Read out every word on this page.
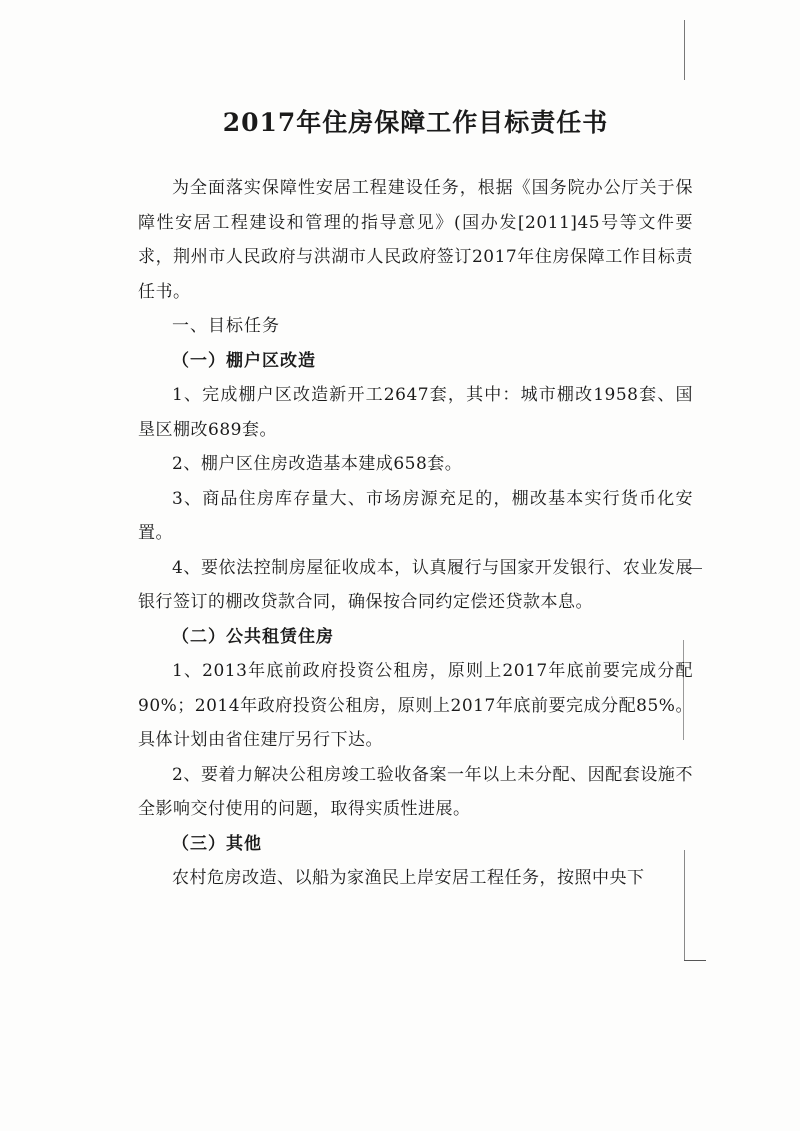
2017年住房保障工作目标责任书

为全面落实保障性安居工程建设任务，根据《国务院办公厅关于保障性安居工程建设和管理的指导意见》(国办发[2011]45号等文件要求，荆州市人民政府与洪湖市人民政府签订2017年住房保障工作目标责任书。

一、目标任务
（一）棚户区改造

1、完成棚户区改造新开工2647套，其中：城市棚改1958套、国垦区棚改689套。

2、棚户区住房改造基本建成658套。

3、商品住房库存量大、市场房源充足的，棚改基本实行货币化安置。

4、要依法控制房屋征收成本，认真履行与国家开发银行、农业发展银行签订的棚改贷款合同，确保按合同约定偿还贷款本息。

（二）公共租赁住房

1、2013年底前政府投资公租房，原则上2017年底前要完成分配90%；2014年政府投资公租房，原则上2017年底前要完成分配85%。具体计划由省住建厅另行下达。

2、要着力解决公租房竣工验收备案一年以上未分配、因配套设施不全影响交付使用的问题，取得实质性进展。

（三）其他

农村危房改造、以船为家渔民上岸安居工程任务，按照中央下
